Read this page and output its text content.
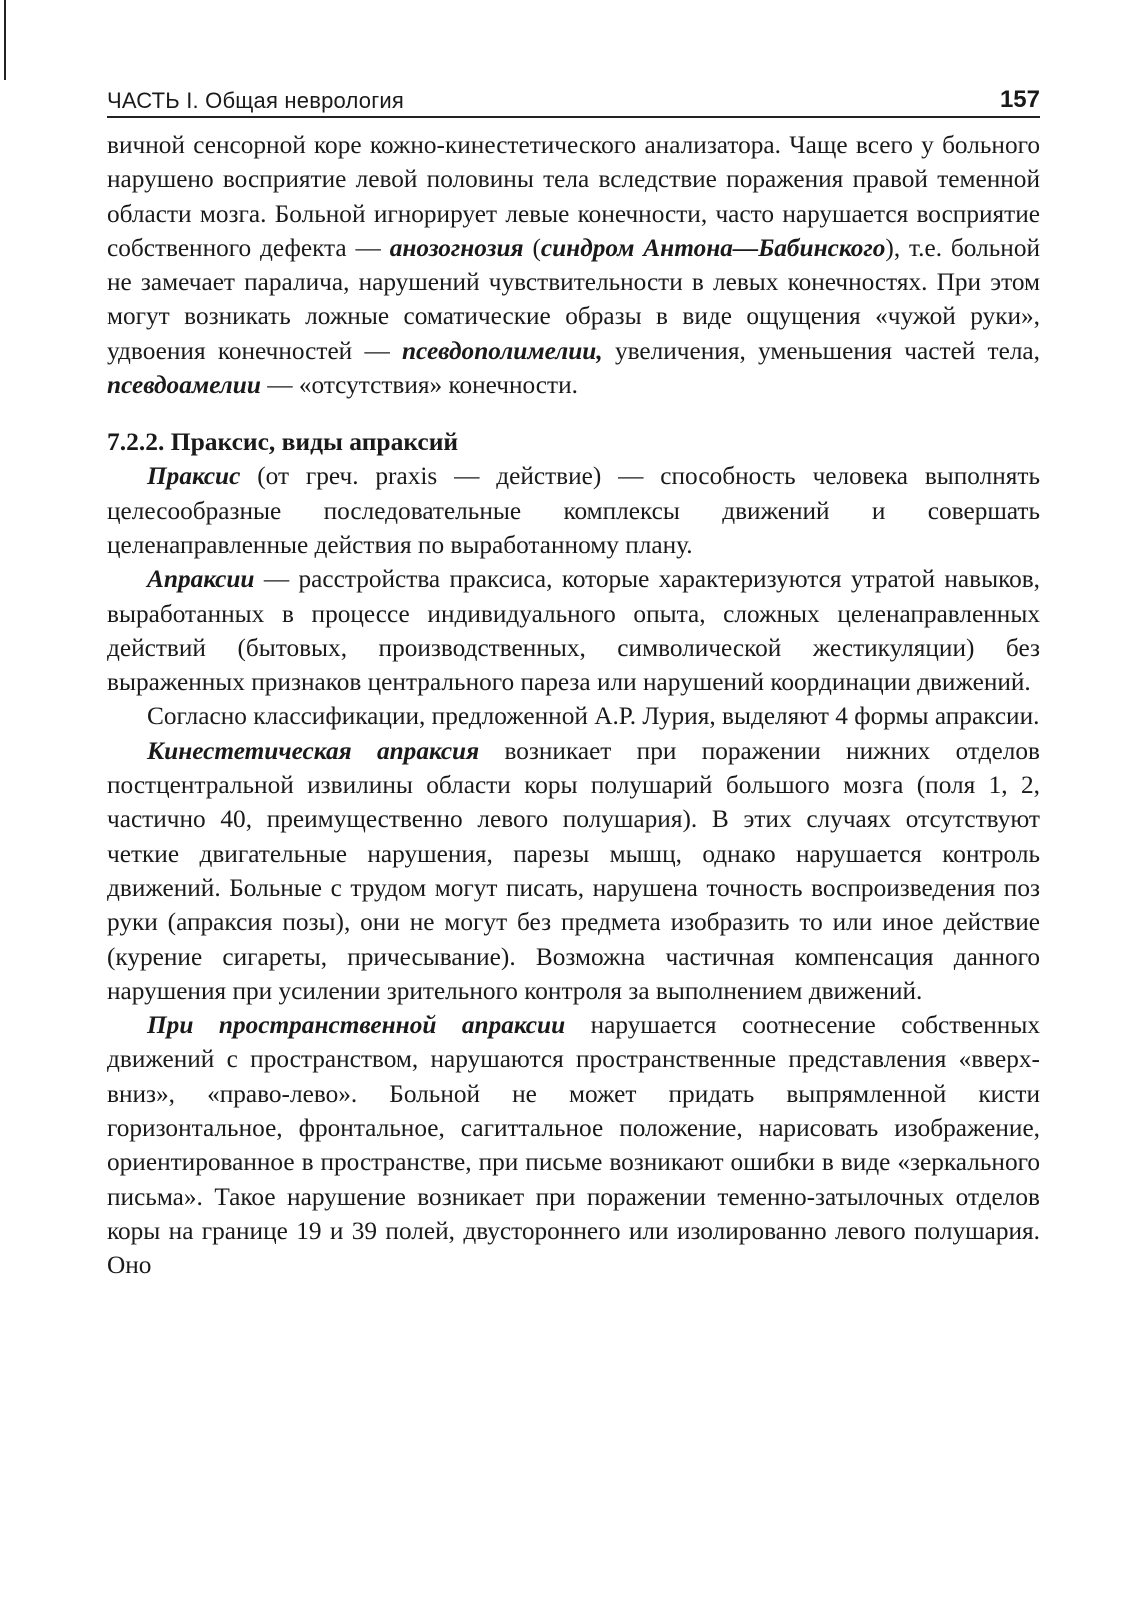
ЧАСТЬ I. Общая неврология	157

вичной сенсорной коре кожно-кинестетического анализатора. Чаще всего у больного нарушено восприятие левой половины тела вследствие поражения правой теменной области мозга. Больной игнорирует левые конечности, часто нарушается восприятие собственного дефекта — анозогнозия (синдром Антона—Бабинского), т.е. больной не замечает паралича, нарушений чувствительности в левых конечностях. При этом могут возникать ложные соматические образы в виде ощущения «чужой руки», удвоения конечностей — псевдополимелии, увеличения, уменьшения частей тела, псевдоамелии — «отсутствия» конечности.

7.2.2. Праксис, виды апраксий

Праксис (от греч. praxis — действие) — способность человека выполнять целесообразные последовательные комплексы движений и совершать целенаправленные действия по выработанному плану.

Апраксии — расстройства праксиса, которые характеризуются утратой навыков, выработанных в процессе индивидуального опыта, сложных целенаправленных действий (бытовых, производственных, символической жестикуляции) без выраженных признаков центрального пареза или нарушений координации движений.

Согласно классификации, предложенной А.Р. Лурия, выделяют 4 формы апраксии.

Кинестетическая апраксия возникает при поражении нижних отделов постцентральной извилины области коры полушарий большого мозга (поля 1, 2, частично 40, преимущественно левого полушария). В этих случаях отсутствуют четкие двигательные нарушения, парезы мышц, однако нарушается контроль движений. Больные с трудом могут писать, нарушена точность воспроизведения поз руки (апраксия позы), они не могут без предмета изобразить то или иное действие (курение сигареты, причесывание). Возможна частичная компенсация данного нарушения при усилении зрительного контроля за выполнением движений.

При пространственной апраксии нарушается соотнесение собственных движений с пространством, нарушаются пространственные представления «вверх-вниз», «право-лево». Больной не может придать выпрямленной кисти горизонтальное, фронтальное, сагиттальное положение, нарисовать изображение, ориентированное в пространстве, при письме возникают ошибки в виде «зеркального письма». Такое нарушение возникает при поражении теменно-затылочных отделов коры на границе 19 и 39 полей, двустороннего или изолированно левого полушария. Оно
